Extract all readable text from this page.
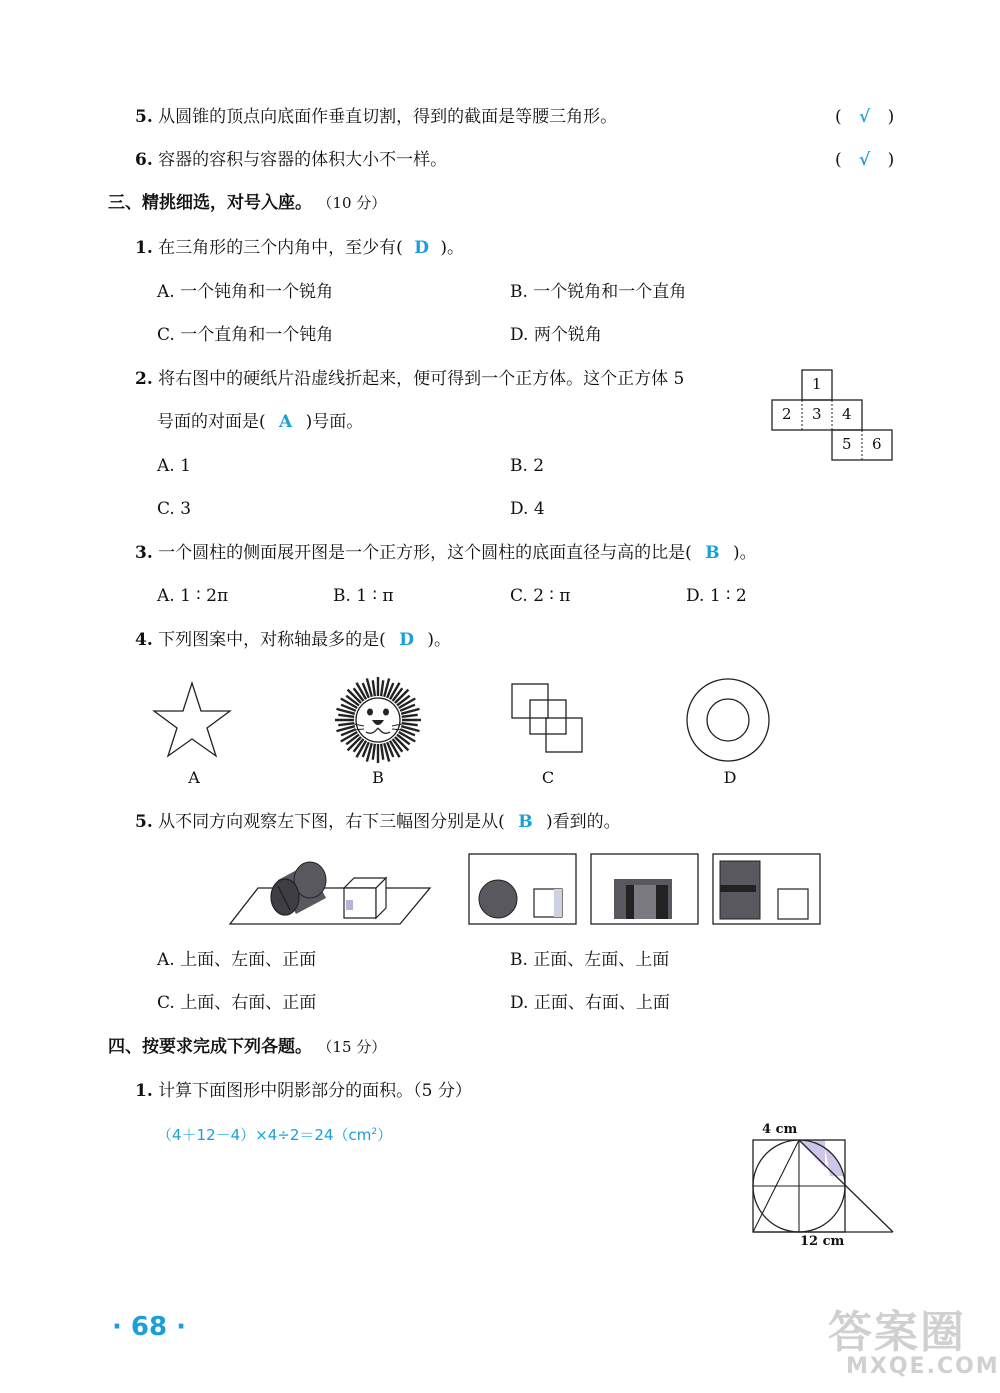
5. 从圆锥的顶点向底面作垂直切割，得到的截面是等腰三角形。	( √ )
6. 容器的容积与容器的体积大小不一样。	( √ )
三、精挑细选，对号入座。 （10 分）
1. 在三角形的三个内角中，至少有( D )。
A. 一个钝角和一个锐角	B. 一个锐角和一个直角
C. 一个直角和一个钝角	D. 两个锐角
2. 将右图中的硬纸片沿虚线折起来，便可得到一个正方体。这个正方体 5
号面的对面是( A )号面。
1
2 3 4
5 6
A. 1	B. 2
C. 3	D. 4
3. 一个圆柱的侧面展开图是一个正方形，这个圆柱的底面直径与高的比是( B )。
A. 1 ∶ 2π	B. 1 ∶ π	C. 2 ∶ π	D. 1 ∶ 2
4. 下列图案中，对称轴最多的是( D )。
A	B	C	D
5. 从不同方向观察左下图，右下三幅图分别是从( B )看到的。
A. 上面、左面、正面	B. 正面、左面、上面
C. 上面、右面、正面	D. 正面、右面、上面
四、按要求完成下列各题。 （15 分）
1. 计算下面图形中阴影部分的面积。（5 分）
$(4+12-4)\times 4\div 2=24(cm^2)$	4 cm
12 cm
· 68 ·	答案圈
MXQE.COM
